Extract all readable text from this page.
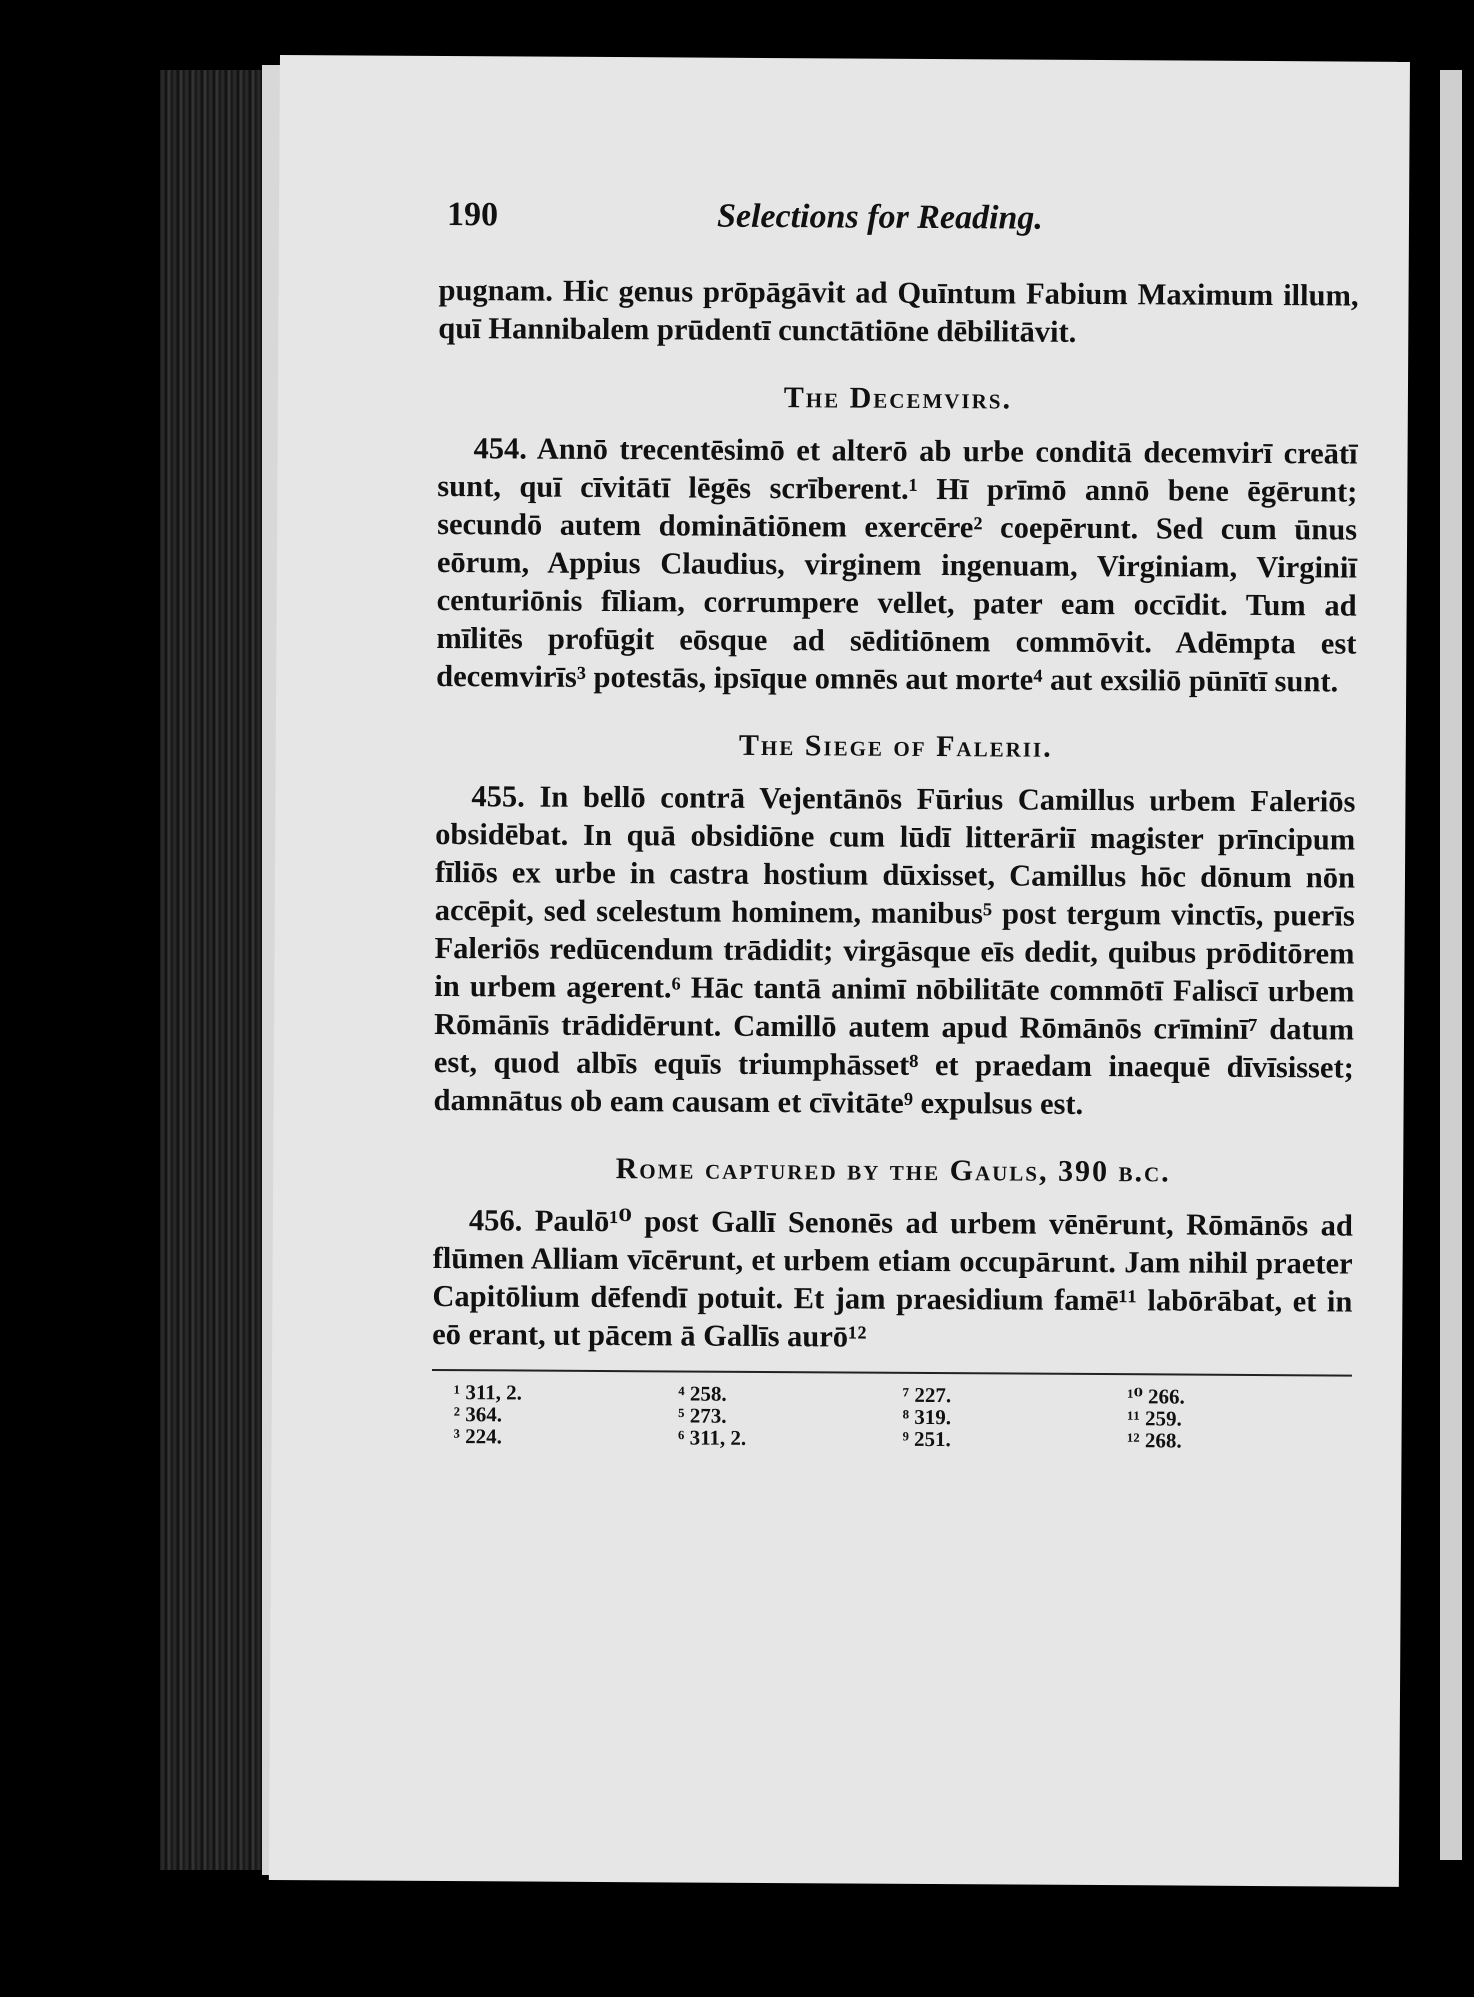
190	Selections for Reading.

pugnam. Hic genus prōpāgāvit ad Quīntum Fabium Maximum illum, quī Hannibalem prūdentī cunctātiōne dēbilitāvit.

The Decemvirs.

454. Annō trecentēsimō et alterō ab urbe conditā decemvirī creātī sunt, quī cīvitātī lēgēs scrīberent.¹ Hī prīmō annō bene ēgērunt; secundō autem dominātiōnem exercēre² coepērunt. Sed cum ūnus eōrum, Appius Claudius, virginem ingenuam, Virginiam, Virginiī centuriōnis fīliam, corrumpere vellet, pater eam occīdit. Tum ad mīlitēs profūgit eōsque ad sēditiōnem commōvit. Adēmpta est decemvirīs³ potestās, ipsīque omnēs aut morte⁴ aut exsiliō pūnītī sunt.

The Siege of Falerii.

455. In bellō contrā Vejentānōs Fūrius Camillus urbem Faleriōs obsidēbat. In quā obsidiōne cum lūdī litterāriī magister prīncipum fīliōs ex urbe in castra hostium dūxisset, Camillus hōc dōnum nōn accēpit, sed scelestum hominem, manibus⁵ post tergum vinctīs, puerīs Faleriōs redūcendum trādidit; virgāsque eīs dedit, quibus prōditōrem in urbem agerent.⁶ Hāc tantā animī nōbilitāte commōtī Faliscī urbem Rōmānīs trādidērunt. Camillō autem apud Rōmānōs crīminī⁷ datum est, quod albīs equīs triumphāsset⁸ et praedam inaequē dīvīsisset; damnātus ob eam causam et cīvitāte⁹ expulsus est.

Rome captured by the Gauls, 390 b.c.

456. Paulō¹⁰ post Gallī Senonēs ad urbem vēnērunt, Rōmānōs ad flūmen Alliam vīcērunt, et urbem etiam occupārunt. Jam nihil praeter Capitōlium dēfendī potuit. Et jam praesidium famē¹¹ labōrābat, et in eō erant, ut pācem ā Gallīs aurō¹²

¹ 311, 2.
² 364.
³ 224.
⁴ 258.
⁵ 273.
⁶ 311, 2.
⁷ 227.
⁸ 319.
⁹ 251.
¹⁰ 266.
¹¹ 259.
¹² 268.
